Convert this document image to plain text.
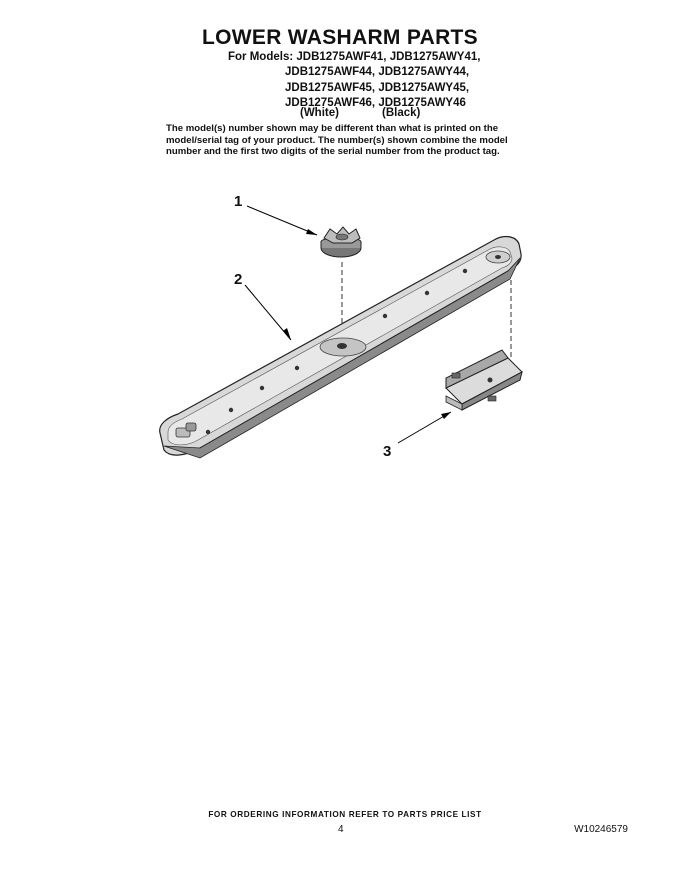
LOWER WASHARM PARTS
For Models: JDB1275AWF41, JDB1275AWY41,
JDB1275AWF44, JDB1275AWY44,
JDB1275AWF45, JDB1275AWY45,
JDB1275AWF46, JDB1275AWY46
(White)	(Black)
The model(s) number shown may be different than what is printed on the model/serial tag of your product. The number(s) shown combine the model number and the first two digits of the serial number from the product tag.
1
2
3
FOR ORDERING INFORMATION REFER TO PARTS PRICE LIST
4	W10246579
